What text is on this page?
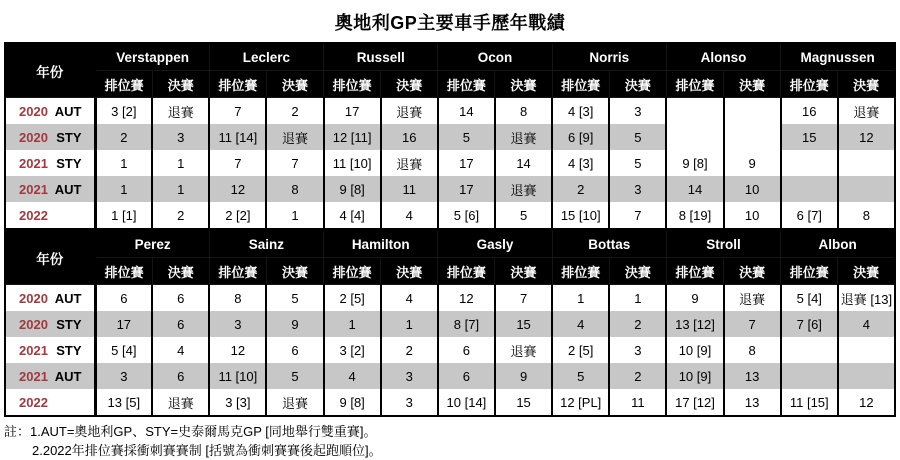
奧地利GP主要車手歷年戰績
年份	Verstappen		Leclerc		Russell		Ocon		Norris		Alonso		Magnussen	
	排位賽	決賽	排位賽	決賽	排位賽	決賽	排位賽	決賽	排位賽	決賽	排位賽	決賽	排位賽	決賽

2020 AUT	3 [2]	退賽	7	2	17	退賽	14	8	4 [3]	3			16	退賽

2020 STY	2	3	11 [14]	退賽	12 [11]	16	5	退賽	6 [9]	5			15	12

2021 STY	1	1	7	7	11 [10]	退賽	17	14	4 [3]	5	9 [8]	9		

2021 AUT	1	1	12	8	9 [8]	11	17	退賽	2	3	14	10		

2022	1 [1]	2	2 [2]	1	4 [4]	4	5 [6]	5	15 [10]	7	8 [19]	10	6 [7]	8
年份	Perez		Sainz		Hamilton		Gasly		Bottas		Stroll		Albon	
	排位賽	決賽	排位賽	決賽	排位賽	決賽	排位賽	決賽	排位賽	決賽	排位賽	決賽	排位賽	決賽

2020 AUT	6	6	8	5	2 [5]	4	12	7	1	1	9	退賽	5 [4]	退賽 [13]

2020 STY	17	6	3	9	1	1	8 [7]	15	4	2	13 [12]	7	7 [6]	4

2021 STY	5 [4]	4	12	6	3 [2]	2	6	退賽	2 [5]	3	10 [9]	8		

2021 AUT	3	6	11 [10]	5	4	3	6	9	5	2	10 [9]	13		

2022	13 [5]	退賽	3 [3]	退賽	9 [8]	3	10 [14]	15	12 [PL]	11	17 [12]	13	11 [15]	12
註：1.AUT=奧地利GP、STY=史泰爾馬克GP [同地舉行雙重賽]。
2.2022年排位賽採衝刺賽賽制 [括號為衝刺賽賽後起跑順位]。
